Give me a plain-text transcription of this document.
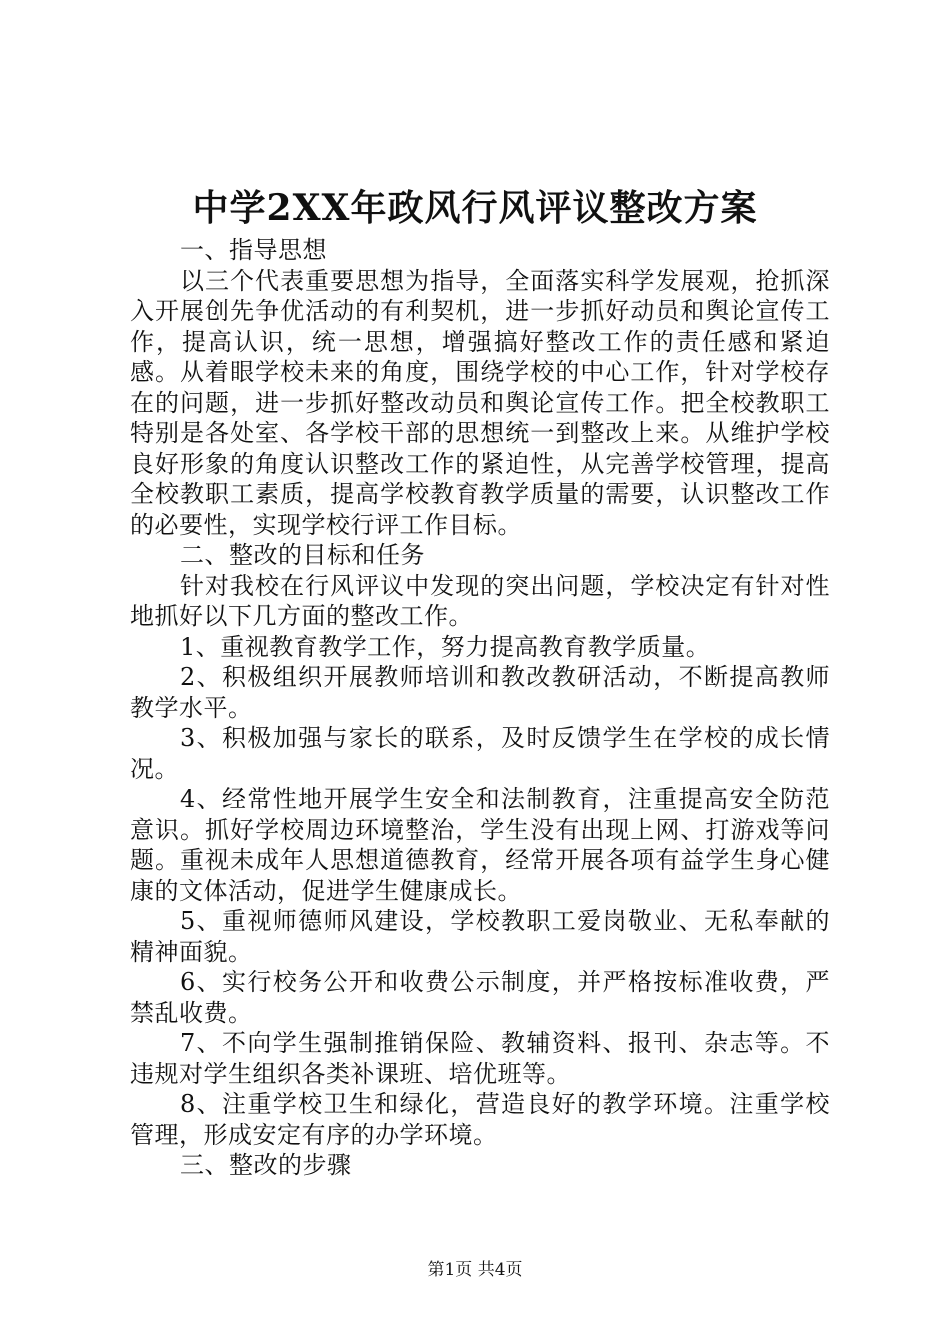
中学2XX年政风行风评议整改方案

一、指导思想

以三个代表重要思想为指导，全面落实科学发展观，抢抓深入开展创先争优活动的有利契机，进一步抓好动员和舆论宣传工作，提高认识，统一思想，增强搞好整改工作的责任感和紧迫感。从着眼学校未来的角度，围绕学校的中心工作，针对学校存在的问题，进一步抓好整改动员和舆论宣传工作。把全校教职工特别是各处室、各学校干部的思想统一到整改上来。从维护学校良好形象的角度认识整改工作的紧迫性，从完善学校管理，提高全校教职工素质，提高学校教育教学质量的需要，认识整改工作的必要性，实现学校行评工作目标。

二、整改的目标和任务

针对我校在行风评议中发现的突出问题，学校决定有针对性地抓好以下几方面的整改工作。

1、重视教育教学工作，努力提高教育教学质量。

2、积极组织开展教师培训和教改教研活动，不断提高教师教学水平。

3、积极加强与家长的联系，及时反馈学生在学校的成长情况。

4、经常性地开展学生安全和法制教育，注重提高安全防范意识。抓好学校周边环境整治，学生没有出现上网、打游戏等问题。重视未成年人思想道德教育，经常开展各项有益学生身心健康的文体活动，促进学生健康成长。

5、重视师德师风建设，学校教职工爱岗敬业、无私奉献的精神面貌。

6、实行校务公开和收费公示制度，并严格按标准收费，严禁乱收费。

7、不向学生强制推销保险、教辅资料、报刊、杂志等。不违规对学生组织各类补课班、培优班等。

8、注重学校卫生和绿化，营造良好的教学环境。注重学校管理，形成安定有序的办学环境。

三、整改的步骤

第1页 共4页
